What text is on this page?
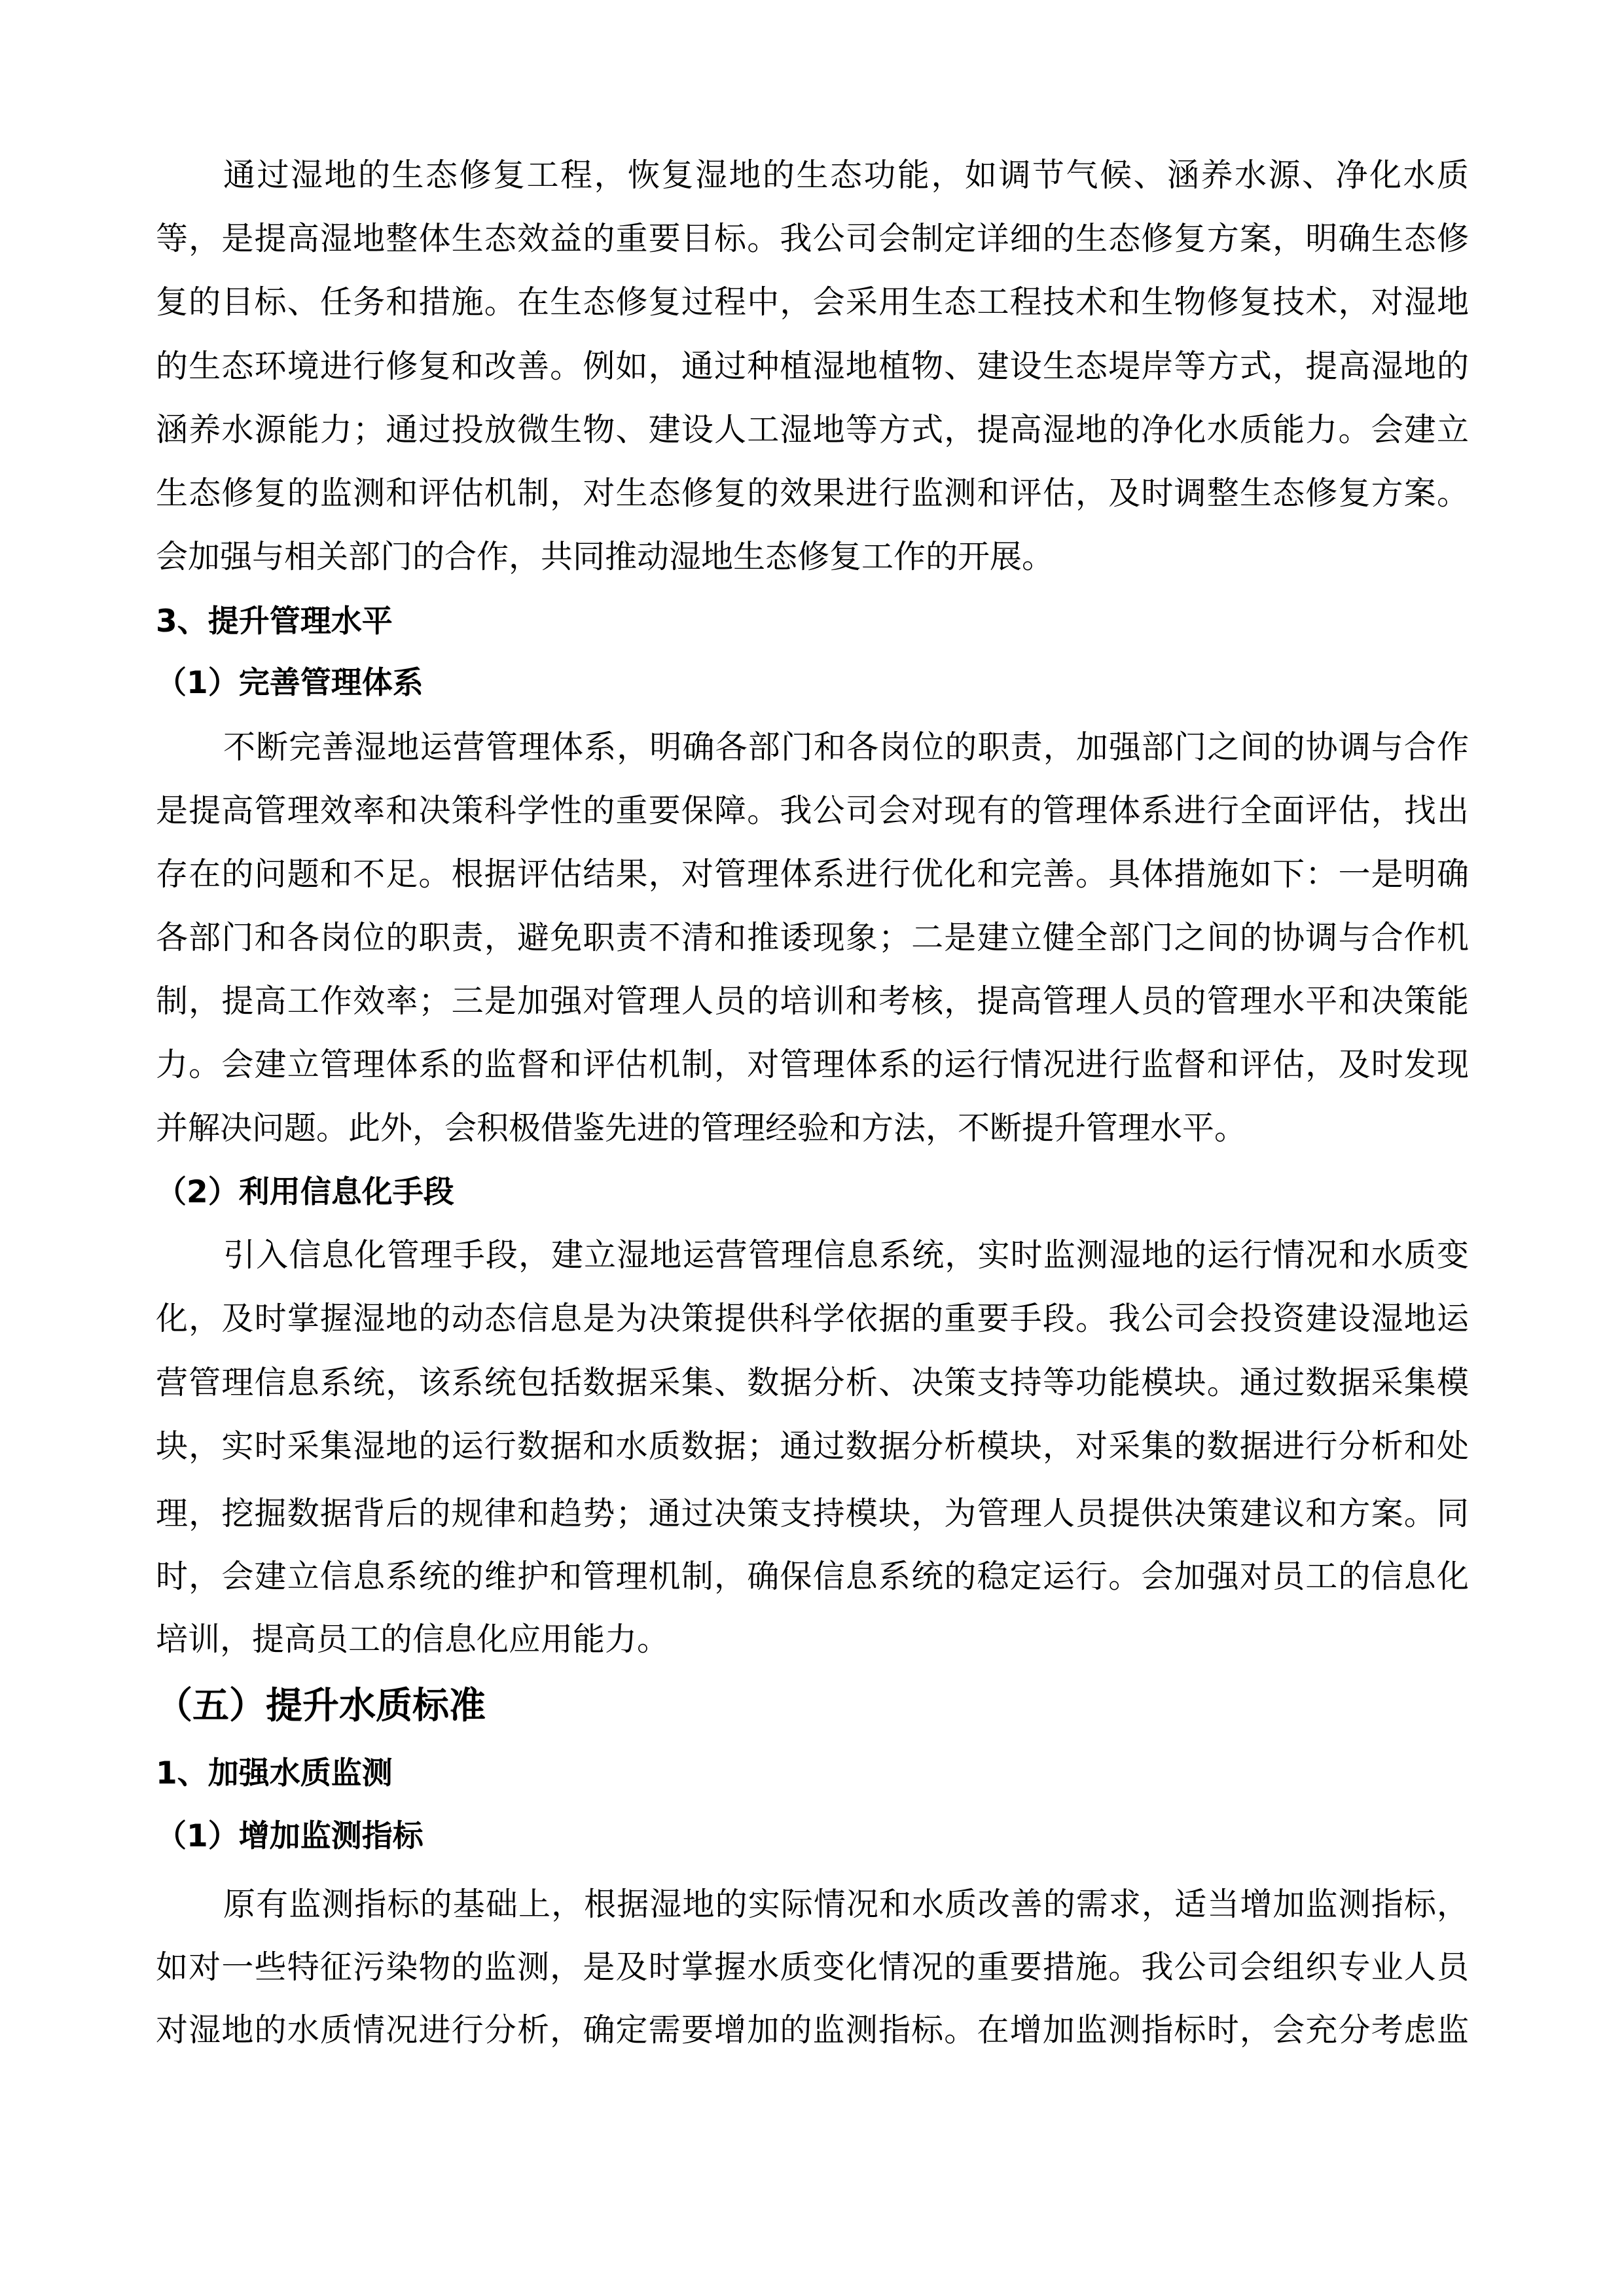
通过湿地的生态修复工程，恢复湿地的生态功能，如调节气候、涵养水源、净化水质
等，是提高湿地整体生态效益的重要目标。我公司会制定详细的生态修复方案，明确生态修
复的目标、任务和措施。在生态修复过程中，会采用生态工程技术和生物修复技术，对湿地
的生态环境进行修复和改善。例如，通过种植湿地植物、建设生态堤岸等方式，提高湿地的
涵养水源能力；通过投放微生物、建设人工湿地等方式，提高湿地的净化水质能力。会建立
生态修复的监测和评估机制，对生态修复的效果进行监测和评估，及时调整生态修复方案。
会加强与相关部门的合作，共同推动湿地生态修复工作的开展。
3、提升管理水平
（1）完善管理体系
不断完善湿地运营管理体系，明确各部门和各岗位的职责，加强部门之间的协调与合作
是提高管理效率和决策科学性的重要保障。我公司会对现有的管理体系进行全面评估，找出
存在的问题和不足。根据评估结果，对管理体系进行优化和完善。具体措施如下：一是明确
各部门和各岗位的职责，避免职责不清和推诿现象；二是建立健全部门之间的协调与合作机
制，提高工作效率；三是加强对管理人员的培训和考核，提高管理人员的管理水平和决策能
力。会建立管理体系的监督和评估机制，对管理体系的运行情况进行监督和评估，及时发现
并解决问题。此外，会积极借鉴先进的管理经验和方法，不断提升管理水平。
（2）利用信息化手段
引入信息化管理手段，建立湿地运营管理信息系统，实时监测湿地的运行情况和水质变
化，及时掌握湿地的动态信息是为决策提供科学依据的重要手段。我公司会投资建设湿地运
营管理信息系统，该系统包括数据采集、数据分析、决策支持等功能模块。通过数据采集模
块，实时采集湿地的运行数据和水质数据；通过数据分析模块，对采集的数据进行分析和处
理，挖掘数据背后的规律和趋势；通过决策支持模块，为管理人员提供决策建议和方案。同
时，会建立信息系统的维护和管理机制，确保信息系统的稳定运行。会加强对员工的信息化
培训，提高员工的信息化应用能力。
（五）提升水质标准
1、加强水质监测
（1）增加监测指标
原有监测指标的基础上，根据湿地的实际情况和水质改善的需求，适当增加监测指标，
如对一些特征污染物的监测，是及时掌握水质变化情况的重要措施。我公司会组织专业人员
对湿地的水质情况进行分析，确定需要增加的监测指标。在增加监测指标时，会充分考虑监
